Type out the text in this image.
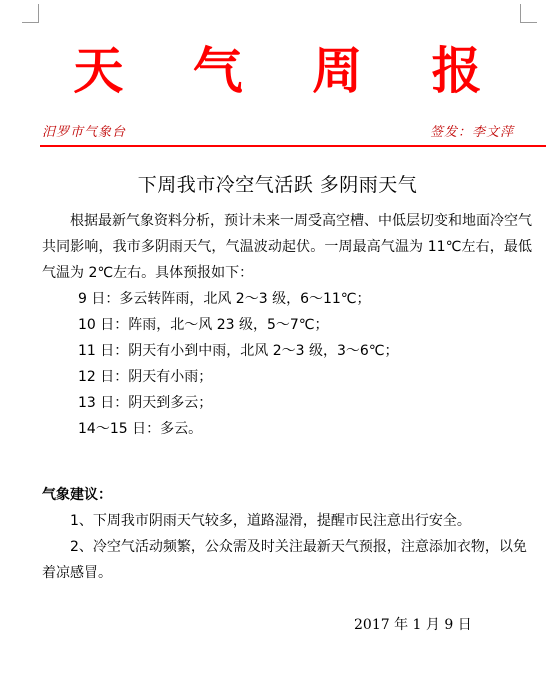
天 气 周 报
汨罗市气象台	签发：李文萍
下周我市冷空气活跃 多阴雨天气

根据最新气象资料分析，预计未来一周受高空槽、中低层切变和地面冷空气共同影响，我市多阴雨天气，气温波动起伏。一周最高气温为 11℃左右，最低气温为 2℃左右。具体预报如下：

9 日：多云转阵雨，北风 2～3 级，6～11℃；

10 日：阵雨，北～风 23 级，5～7℃；

11 日：阴天有小到中雨，北风 2～3 级，3～6℃；

12 日：阴天有小雨；

13 日：阴天到多云；

14～15 日：多云。

气象建议：

1、下周我市阴雨天气较多，道路湿滑，提醒市民注意出行安全。

2、冷空气活动频繁，公众需及时关注最新天气预报，注意添加衣物，以免着凉感冒。

2017 年 1 月 9 日
